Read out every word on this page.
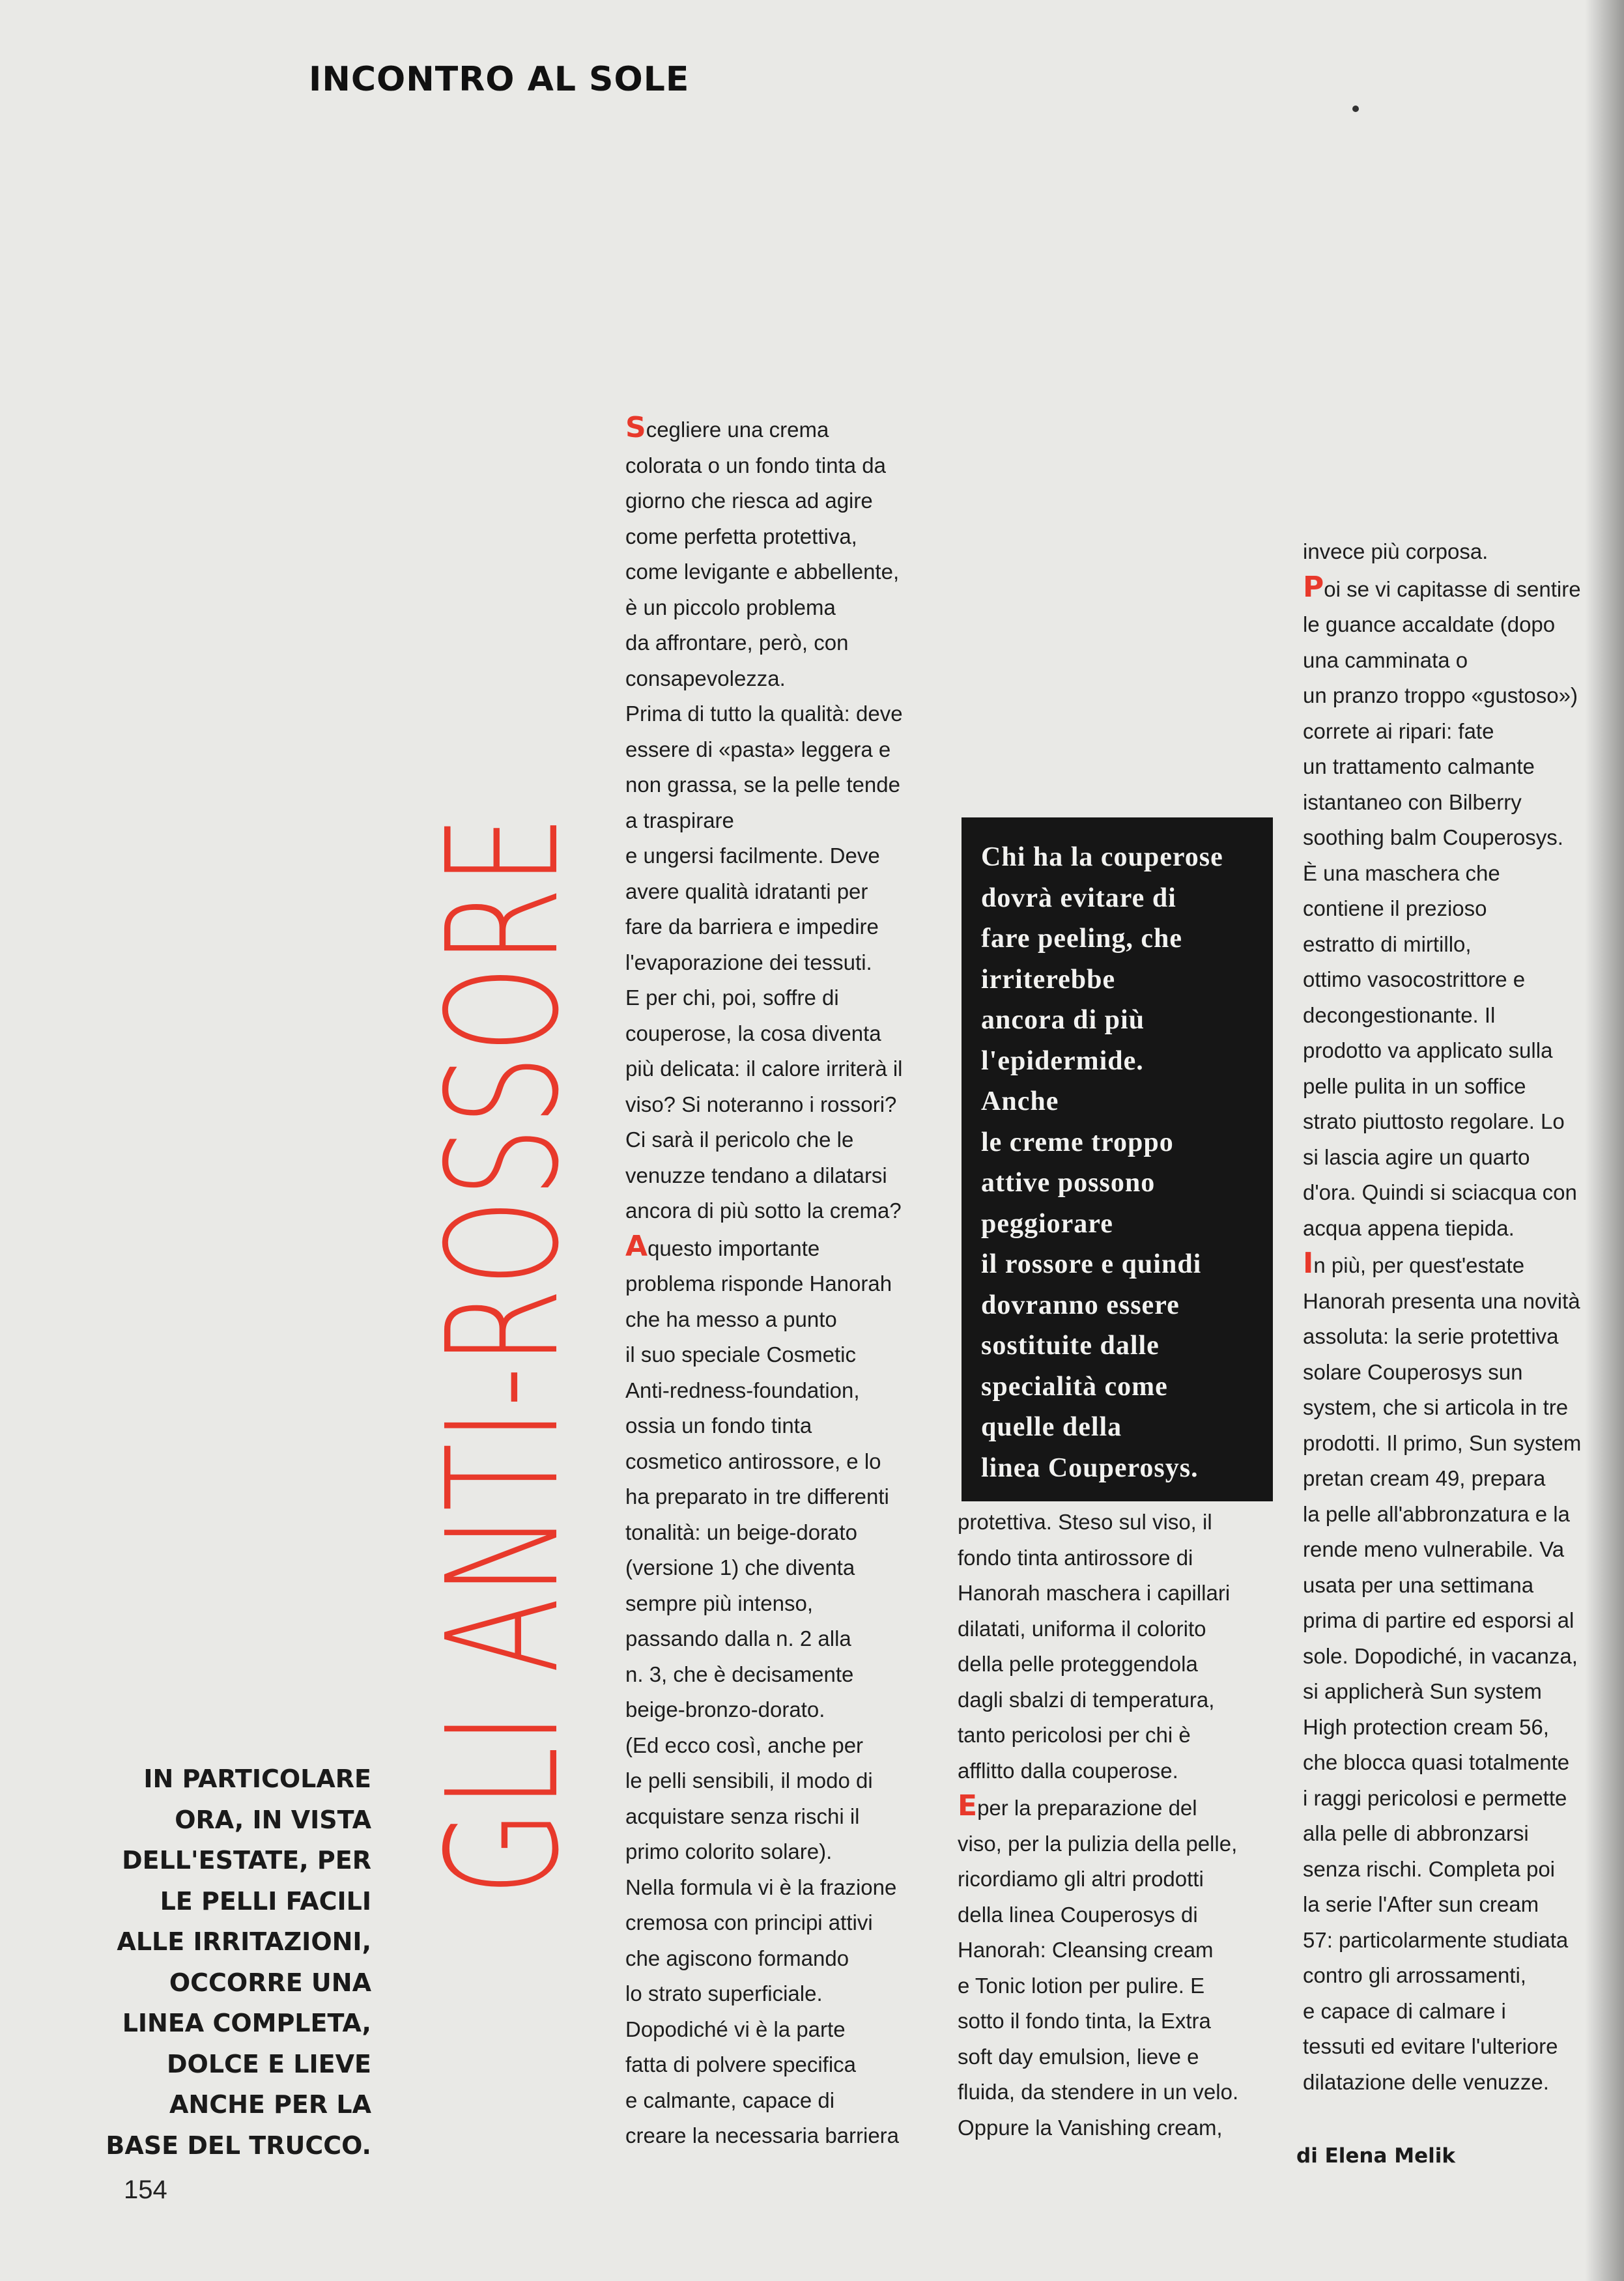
INCONTRO AL SOLE
GLI ANTI-ROSSORE
IN PARTICOLARE
ORA, IN VISTA
DELL'ESTATE, PER
LE PELLI FACILI
ALLE IRRITAZIONI,
OCCORRE UNA
LINEA COMPLETA,
DOLCE E LIEVE
ANCHE PER LA
BASE DEL TRUCCO.
154
Scegliere una crema
colorata o un fondo tinta da
giorno che riesca ad agire
come perfetta protettiva,
come levigante e abbellente,
è un piccolo problema
da affrontare, però, con
consapevolezza.
Prima di tutto la qualità: deve
essere di «pasta» leggera e
non grassa, se la pelle tende
a traspirare
e ungersi facilmente. Deve
avere qualità idratanti per
fare da barriera e impedire
l'evaporazione dei tessuti.
E per chi, poi, soffre di
couperose, la cosa diventa
più delicata: il calore irriterà il
viso? Si noteranno i rossori?
Ci sarà il pericolo che le
venuzze tendano a dilatarsi
ancora di più sotto la crema?
Aquesto importante
problema risponde Hanorah
che ha messo a punto
il suo speciale Cosmetic
Anti-redness-foundation,
ossia un fondo tinta
cosmetico antirossore, e lo
ha preparato in tre differenti
tonalità: un beige-dorato
(versione 1) che diventa
sempre più intenso,
passando dalla n. 2 alla
n. 3, che è decisamente
beige-bronzo-dorato.
(Ed ecco così, anche per
le pelli sensibili, il modo di
acquistare senza rischi il
primo colorito solare).
Nella formula vi è la frazione
cremosa con principi attivi
che agiscono formando
lo strato superficiale.
Dopodiché vi è la parte
fatta di polvere specifica
e calmante, capace di
creare la necessaria barriera
Chi ha la couperose
dovrà evitare di
fare peeling, che
irriterebbe
ancora di più
l'epidermide.
Anche
le creme troppo
attive possono
peggiorare
il rossore e quindi
dovranno essere
sostituite dalle
specialità come
quelle della
linea Couperosys.
protettiva. Steso sul viso, il
fondo tinta antirossore di
Hanorah maschera i capillari
dilatati, uniforma il colorito
della pelle proteggendola
dagli sbalzi di temperatura,
tanto pericolosi per chi è
afflitto dalla couperose.
Eper la preparazione del
viso, per la pulizia della pelle,
ricordiamo gli altri prodotti
della linea Couperosys di
Hanorah: Cleansing cream
e Tonic lotion per pulire. E
sotto il fondo tinta, la Extra
soft day emulsion, lieve e
fluida, da stendere in un velo.
Oppure la Vanishing cream,
invece più corposa.
Poi se vi capitasse di sentire
le guance accaldate (dopo
una camminata o
un pranzo troppo «gustoso»)
correte ai ripari: fate
un trattamento calmante
istantaneo con Bilberry
soothing balm Couperosys.
È una maschera che
contiene il prezioso
estratto di mirtillo,
ottimo vasocostrittore e
decongestionante. Il
prodotto va applicato sulla
pelle pulita in un soffice
strato piuttosto regolare. Lo
si lascia agire un quarto
d'ora. Quindi si sciacqua con
acqua appena tiepida.
In più, per quest'estate
Hanorah presenta una novità
assoluta: la serie protettiva
solare Couperosys sun
system, che si articola in tre
prodotti. Il primo, Sun system
pretan cream 49, prepara
la pelle all'abbronzatura e la
rende meno vulnerabile. Va
usata per una settimana
prima di partire ed esporsi al
sole. Dopodiché, in vacanza,
si applicherà Sun system
High protection cream 56,
che blocca quasi totalmente
i raggi pericolosi e permette
alla pelle di abbronzarsi
senza rischi. Completa poi
la serie l'After sun cream
57: particolarmente studiata
contro gli arrossamenti,
e capace di calmare i
tessuti ed evitare l'ulteriore
dilatazione delle venuzze.
di Elena Melik
